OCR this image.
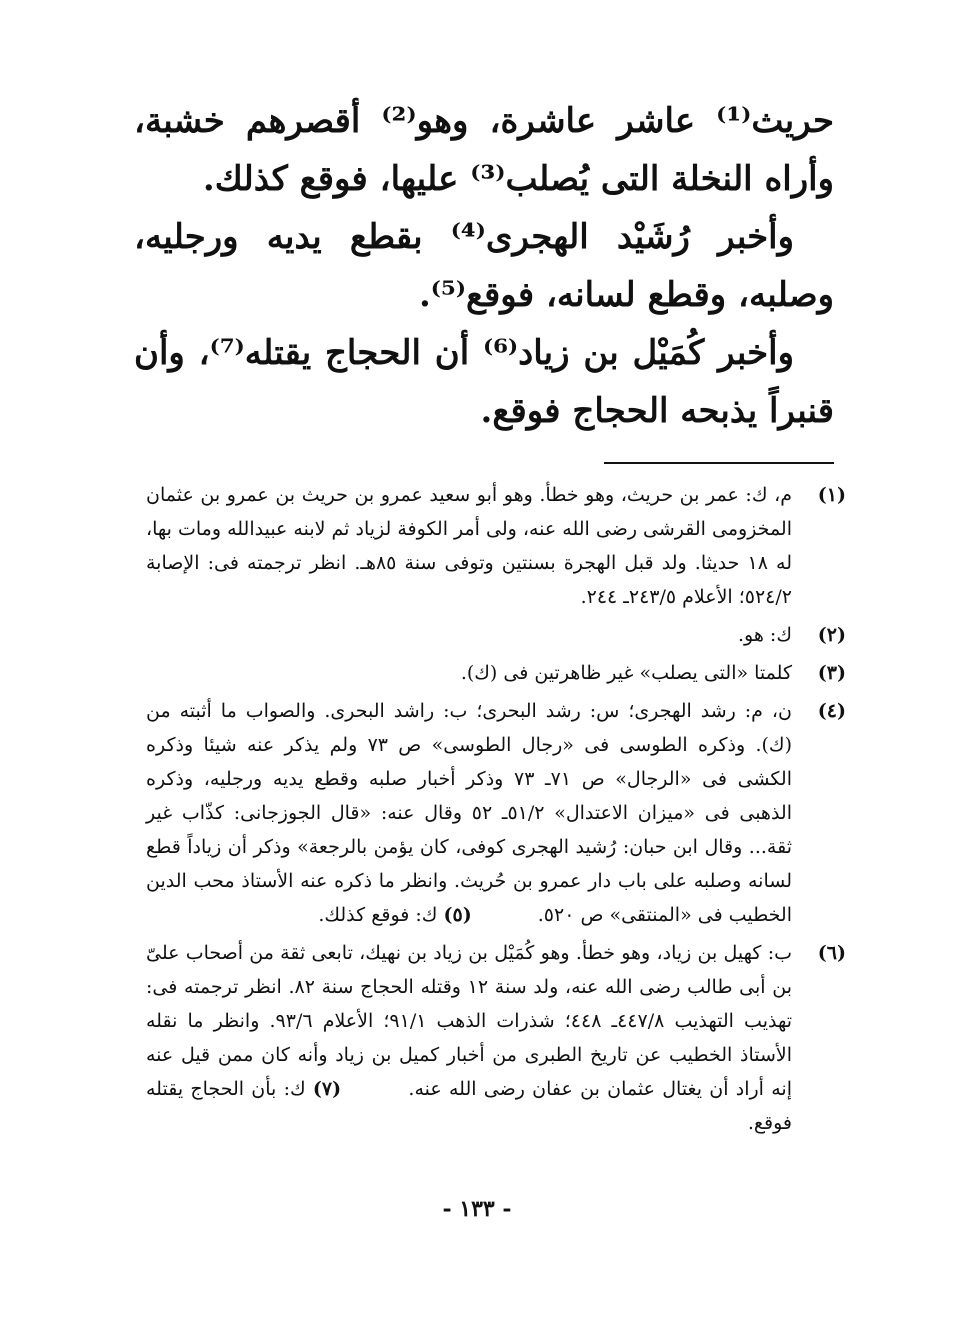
حريث⁽¹⁾ عاشر عاشرة، وهو⁽²⁾ أقصرهم خشبة، وأراه النخلة التى يُصلب⁽³⁾ عليها، فوقع كذلك.

وأخبر رُشَيْد الهجرى⁽⁴⁾ بقطع يديه ورجليه، وصلبه، وقطع لسانه، فوقع⁽⁵⁾.

وأخبر كُمَيْل بن زياد⁽⁶⁾ أن الحجاج يقتله⁽⁷⁾، وأن قنبراً يذبحه الحجاج فوقع.

(١)
م، ك: عمر بن حريث، وهو خطأ. وهو أبو سعيد عمرو بن حريث بن عمرو بن عثمان المخزومى القرشى رضى الله عنه، ولى أمر الكوفة لزياد ثم لابنه عبيدالله ومات بها، له ١٨ حديثا. ولد قبل الهجرة بسنتين وتوفى سنة ٨٥هـ. انظر ترجمته فى: الإصابة ٥٢٤/٢؛ الأعلام ٢٤٣/٥ـ ٢٤٤.
(٢)
ك: هو.
(٣)
كلمتا «التى يصلب» غير ظاهرتين فى (ك).
(٤)
ن، م: رشد الهجرى؛ س: رشد البحرى؛ ب: راشد البحرى. والصواب ما أثبته من (ك). وذكره الطوسى فى «رجال الطوسى» ص ٧٣ ولم يذكر عنه شيئا وذكره الكشى فى «الرجال» ص ٧١ـ ٧٣ وذكر أخبار صلبه وقطع يديه ورجليه، وذكره الذهبى فى «ميزان الاعتدال» ٥١/٢ـ ٥٢ وقال عنه: «قال الجوزجانى: كذّاب غير ثقة... وقال ابن حبان: رُشيد الهجرى كوفى، كان يؤمن بالرجعة» وذكر أن زياداً قطع لسانه وصلبه على باب دار عمرو بن حُريث. وانظر ما ذكره عنه الأستاذ محب الدين الخطيب فى «المنتقى» ص ٥٢٠. (٥) ك: فوقع كذلك.
(٦)
ب: كهيل بن زياد، وهو خطأ. وهو كُمَيْل بن زياد بن نهيك، تابعى ثقة من أصحاب علىّ بن أبى طالب رضى الله عنه، ولد سنة ١٢ وقتله الحجاج سنة ٨٢. انظر ترجمته فى: تهذيب التهذيب ٤٤٧/٨ـ ٤٤٨؛ شذرات الذهب ٩١/١؛ الأعلام ٩٣/٦. وانظر ما نقله الأستاذ الخطيب عن تاريخ الطبرى من أخبار كميل بن زياد وأنه كان ممن قيل عنه إنه أراد أن يغتال عثمان بن عفان رضى الله عنه. (٧) ك: بأن الحجاج يقتله فوقع.
- ١٣٣ -
